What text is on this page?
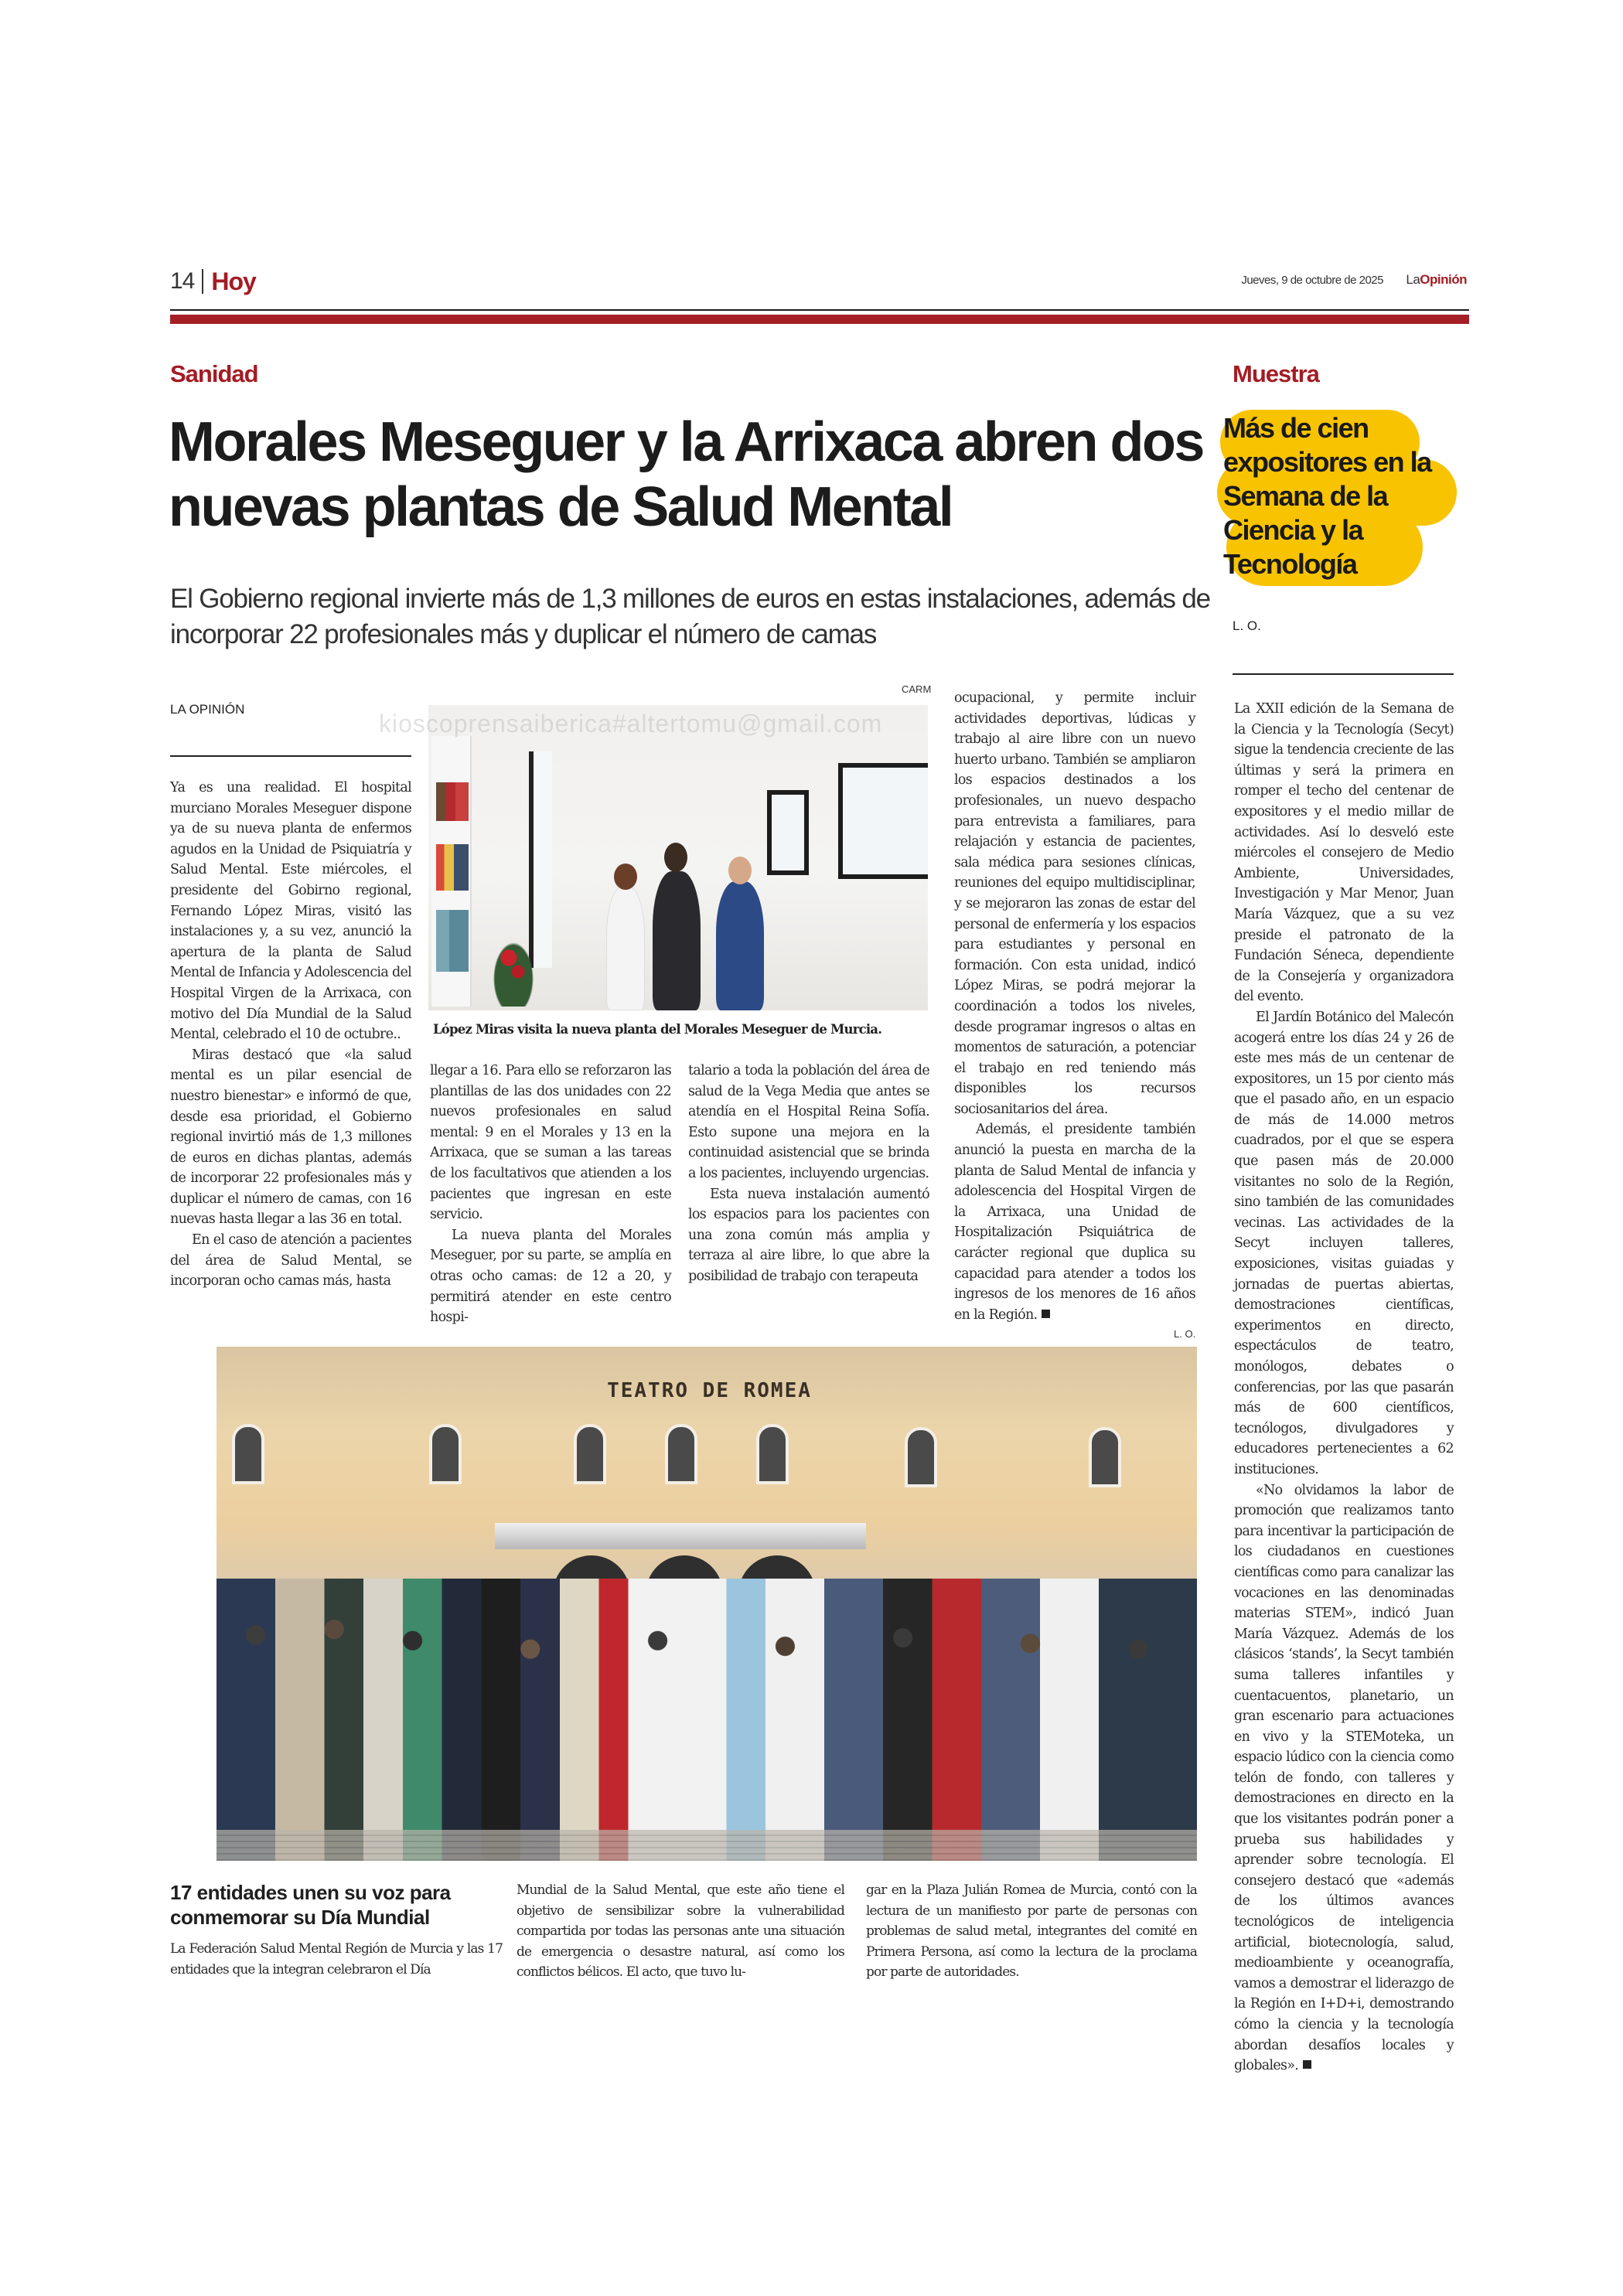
14 Hoy	Jueves, 9 de octubre de 2025 LaOpinión
Sanidad
Morales Meseguer y la Arrixaca abren dos nuevas plantas de Salud Mental
El Gobierno regional invierte más de 1,3 millones de euros en estas instalaciones, además de incorporar 22 profesionales más y duplicar el número de camas
LA OPINIÓN
CARM
kioscoprensaiberica#altertomu@gmail.com
López Miras visita la nueva planta del Morales Meseguer de Murcia.

Ya es una realidad. El hospital murciano Morales Meseguer dispone ya de su nueva planta de enfermos agudos en la Unidad de Psiquiatría y Salud Mental. Este miércoles, el presidente del Gobirno regional, Fernando López Miras, visitó las instalaciones y, a su vez, anunció la apertura de la planta de Salud Mental de Infancia y Adolescencia del Hospital Virgen de la Arrixaca, con motivo del Día Mundial de la Salud Mental, celebrado el 10 de octubre..

Miras destacó que «la salud mental es un pilar esencial de nuestro bienestar» e informó de que, desde esa prioridad, el Gobierno regional invirtió más de 1,3 millones de euros en dichas plantas, además de incorporar 22 profesionales más y duplicar el número de camas, con 16 nuevas hasta llegar a las 36 en total.

En el caso de atención a pacientes del área de Salud Mental, se incorporan ocho camas más, hasta

llegar a 16. Para ello se reforzaron las plantillas de las dos unidades con 22 nuevos profesionales en salud mental: 9 en el Morales y 13 en la Arrixaca, que se suman a las tareas de los facultativos que atienden a los pacientes que ingresan en este servicio.

La nueva planta del Morales Meseguer, por su parte, se amplía en otras ocho camas: de 12 a 20, y permitirá atender en este centro hospi-

talario a toda la población del área de salud de la Vega Media que antes se atendía en el Hospital Reina Sofía. Esto supone una mejora en la continuidad asistencial que se brinda a los pacientes, incluyendo urgencias.

Esta nueva instalación aumentó los espacios para los pacientes con una zona común más amplia y terraza al aire libre, lo que abre la posibilidad de trabajo con terapeuta

ocupacional, y permite incluir actividades deportivas, lúdicas y trabajo al aire libre con un nuevo huerto urbano. También se ampliaron los espacios destinados a los profesionales, un nuevo despacho para entrevista a familiares, para relajación y estancia de pacientes, sala médica para sesiones clínicas, reuniones del equipo multidisciplinar, y se mejoraron las zonas de estar del personal de enfermería y los espacios para estudiantes y personal en formación. Con esta unidad, indicó López Miras, se podrá mejorar la coordinación a todos los niveles, desde programar ingresos o altas en momentos de saturación, a potenciar el trabajo en red teniendo más disponibles los recursos sociosanitarios del área.

Además, el presidente también anunció la puesta en marcha de la planta de Salud Mental de infancia y adolescencia del Hospital Virgen de la Arrixaca, una Unidad de Hospitalización Psiquiátrica de carácter regional que duplica su capacidad para atender a todos los ingresos de los menores de 16 años en la Región.

L. O.
TEATRO DE ROMEA
17 entidades unen su voz para conmemorar su Día Mundial
La Federación Salud Mental Región de Murcia y las 17 entidades que la integran celebraron el Día
Mundial de la Salud Mental, que este año tiene el objetivo de sensibilizar sobre la vulnerabilidad compartida por todas las personas ante una situación de emergencia o desastre natural, así como los conflictos bélicos. El acto, que tuvo lu-
gar en la Plaza Julián Romea de Murcia, contó con la lectura de un manifiesto por parte de personas con problemas de salud metal, integrantes del comité en Primera Persona, así como la lectura de la proclama por parte de autoridades.
Muestra
Más de cien expositores en la Semana de la Ciencia y la Tecnología
L. O.

La XXII edición de la Semana de la Ciencia y la Tecnología (Secyt) sigue la tendencia creciente de las últimas y será la primera en romper el techo del centenar de expositores y el medio millar de actividades. Así lo desveló este miércoles el consejero de Medio Ambiente, Universidades, Investigación y Mar Menor, Juan María Vázquez, que a su vez preside el patronato de la Fundación Séneca, dependiente de la Consejería y organizadora del evento.

El Jardín Botánico del Malecón acogerá entre los días 24 y 26 de este mes más de un centenar de expositores, un 15 por ciento más que el pasado año, en un espacio de más de 14.000 metros cuadrados, por el que se espera que pasen más de 20.000 visitantes no solo de la Región, sino también de las comunidades vecinas. Las actividades de la Secyt incluyen talleres, exposiciones, visitas guiadas y jornadas de puertas abiertas, demostraciones científicas, experimentos en directo, espectáculos de teatro, monólogos, debates o conferencias, por las que pasarán más de 600 científicos, tecnólogos, divulgadores y educadores pertenecientes a 62 instituciones.

«No olvidamos la labor de promoción que realizamos tanto para incentivar la participación de los ciudadanos en cuestiones científicas como para canalizar las vocaciones en las denominadas materias STEM», indicó Juan María Vázquez. Además de los clásicos ‘stands’, la Secyt también suma talleres infantiles y cuentacuentos, planetario, un gran escenario para actuaciones en vivo y la STEMoteka, un espacio lúdico con la ciencia como telón de fondo, con talleres y demostraciones en directo en la que los visitantes podrán poner a prueba sus habilidades y aprender sobre tecnología. El consejero destacó que «además de los últimos avances tecnológicos de inteligencia artificial, biotecnología, salud, medioambiente y oceanografía, vamos a demostrar el liderazgo de la Región en I+D+i, demostrando cómo la ciencia y la tecnología abordan desafíos locales y globales».
